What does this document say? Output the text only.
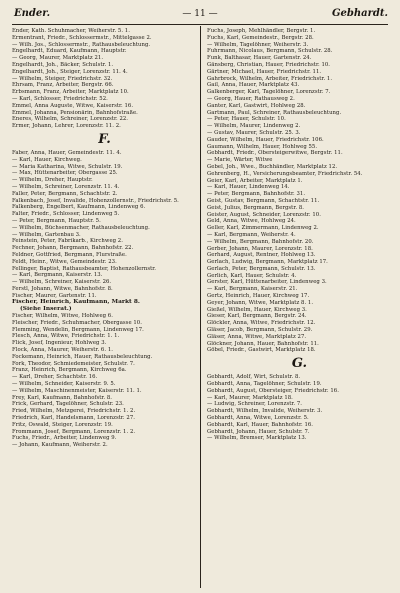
Ender.	— 11 —	Gebhardt.
Ender, Kath. Schuhmacher, Weiherstr. 5. 1.
Ermentrant, Friedr., Schlossermstr., Mittelgasse 2.
— Wilh. Jos., Schlossermstr., Rathausbeleuchtung.
Engelhardt, Eduard, Kaufmann, Hauptstr.
— Georg, Maurer, Marktplatz 21.
Engelhardt, Joh., Bäcker, Schulstr. 1.
Engelhardt, Joh., Steiger, Lorenzstr. 11. 4.
— Wilhelm, Steiger, Friedrichstr. 32.
Ehrsam, Franz, Arbeiter, Bergstr. 66.
Erbsmann, Franz, Arbeiter, Marktplatz 10.
— Karl, Schlosser, Friedrichstr. 52.
Emmel, Anna Auguste, Witwe, Kaiserstr. 16.
Emmel, Johanna, Pensionärin, Bahnhofstraße.
Eneres, Wilhelm, Schreiner, Lorenzstr. 22.
Ermer, Johann, Lehrer, Lorenzstr. 11. 2.
F.
Faber, Anna, Hauer, Gemeindestr. 11. 4.
— Karl, Hauer, Kirchweg.
— Maria Katharina, Witwe, Schulstr. 19.
— Max, Hüttenarbeiter, Obergasse 25.
— Wilhelm, Dreher, Hauptstr.
— Wilhelm, Schreiner, Lorenzstr. 11. 4.
Faller, Peter, Bergmann, Schachtstr. 2.
Falkenbach, Josef, Invalide, Hohenzollernstr., Friedrichstr. 5.
Falkenberg, Engelbert, Kaufmann, Lindenweg 6.
Falter, Friedr., Schlosser, Lindenweg 5.
— Peter, Bergmann, Hauptstr. 5.
— Wilhelm, Büchsenmacher, Rathausbeleuchtung.
— Wilhelm, Gartenbau 3.
Feinstein, Peter, Fabrikarb., Kirchweg 2.
Fechner, Johann, Bergmann, Bahnhofstr. 22.
Feldner, Gottfried, Bergmann, Flurstraße.
Feldt, Heinr., Witwe, Gemeindestr. 23.
Fellinger, Baptist, Rathausbeamter, Hohenzollernstr.
— Karl, Bergmann, Kaiserstr. 13.
— Wilhelm, Schreiner, Kaiserstr. 26.
Ferstl, Johann, Witwe, Bahnhofstr. 8.
Fischer, Maurer, Gartenstr. 11.
Fischer, Heinrich, Kaufmann, Markt 8.
(Siehe Inserat.)
Fischer, Wilhelm, Witwe, Hohlweg 6.
Fleischer, Friedr., Schuhmacher, Obergasse 10.
Flemming, Wendelin, Bergmann, Lindenweg 17.
Flesch, Anna, Witwe, Friedrichstr. 1. 1.
Flick, Josef, Ingenieur, Hohlweg 3.
Flock, Anna, Maurer, Weiherstr. 6. 1.
Fockemann, Heinrich, Hauer, Rathausbeleuchtung.
Fork, Theodor, Schmiedemeister, Schulstr. 7.
Franz, Heinrich, Bergmann, Kirchweg 6a.
— Karl, Dreher, Schachtstr. 16.
— Wilhelm, Schneider, Kaiserstr. 9. 5.
— Wilhelm, Maschinenmeister, Kaiserstr. 11. 1.
Frey, Karl, Kaufmann, Bahnhofstr. 8.
Frick, Gerhard, Tagelöhner, Schulstr. 23.
Fried, Wilhelm, Metzgerei, Friedrichstr. 1. 2.
Friedrich, Karl, Handelsmann, Lorenzstr. 27.
Fritz, Oswald, Steiger, Lorenzstr. 19.
Frommann, Josef, Bergmann, Lorenzstr. 1. 2.
Fuchs, Friedr., Arbeiter, Lindenweg 9.
— Johann, Kaufmann, Weiherstr. 2.
Fuchs, Joseph, Mehlhändler, Bergstr. 1.
Fuchs, Karl, Gemeindestr., Bergstr. 28.
— Wilhelm, Tagelöhner, Weiherstr. 3.
Fuhrmann, Nicolaus, Bergmann, Schulstr. 28.
Funk, Balthasar, Hauer, Gartenstr. 24.
Gänsberg, Christian, Hauer, Friedrichstr. 10.
Gärtner, Michael, Hauer, Friedrichstr. 11.
Gahrbrock, Wilhelm, Arbeiter, Friedrichstr. 1.
Gail, Anna, Hauer, Marktplatz 43.
Galkenberger, Karl, Tagelöhner, Lorenzstr. 7.
— Georg, Hauer, Rathausweg 2.
Ganter, Karl, Gastwirt, Hohlweg 28.
Gartmann, Paul, Schreiner, Rathausbeleuchtung.
— Peter, Hauer, Schulstr. 10.
— Wilhelm, Maurer, Lindenweg 2.
— Gustav, Maurer, Schulstr. 25. 3.
Gauder, Wilhelm, Hauer, Friedrichstr. 106.
Gaumann, Wilhelm, Hauer, Hohlweg 55.
Gebhardt, Friedr., Obersteigerwitwe, Bergstr. 11.
— Marie, Wärter, Witwe
Gebel, Joh., Wwe., Buchhändler, Marktplatz 12.
Gehrenberg, H., Versicherungsbeamter, Friedrichstr. 54.
Geier, Karl, Arbeiter, Marktplatz 1.
— Karl, Hauer, Lindenweg 14.
— Peter, Bergmann, Bahnhofstr. 31.
Geist, Gustav, Bergmann, Schachtstr. 11.
Geist, Julius, Bergmann, Bergstr. 8.
Geister, August, Schneider, Lorenzstr. 10.
Geld, Anna, Witwe, Hohlweg 24.
Geller, Karl, Zimmermann, Lindenweg 2.
— Karl, Bergmann, Weiherstr. 4.
— Wilhelm, Bergmann, Bahnhofstr. 20.
Gerber, Johann, Maurer, Lorenzstr. 18.
Gerhard, August, Rentner, Hohlweg 13.
Gerlach, Ludwig, Bergmann, Marktplatz 17.
Gerlach, Peter, Bergmann, Schulstr. 13.
Gerlich, Karl, Hauer, Schulstr. 4.
Gerster, Karl, Hüttenarbeiter, Lindenweg 3.
— Karl, Bergmann, Kaiserstr. 21.
Gertz, Heinrich, Hauer, Kirchweg 17.
Geyer, Johann, Witwe, Marktplatz 8. 1.
Gießel, Wilhelm, Hauer, Kirchweg 3.
Gieser, Karl, Bergmann, Bergstr. 24.
Glöckler, Anna, Witwe, Friedrichstr. 12.
Gläser, Jacob, Bergmann, Schulstr. 29.
Gläser, Anna, Witwe, Marktplatz 27.
Glöckner, Johann, Hauer, Bahnhofstr. 11.
Göbel, Friedr., Gastwirt, Marktplatz 18.
G.
Gebhardt, Adolf, Wirt, Schulstr. 8.
Gebhardt, Anna, Tagelöhner, Schulstr. 19.
Gebhardt, August, Obersteiger, Friedrichstr. 16.
— Karl, Maurer, Marktplatz 18.
— Ludwig, Schreiner, Lorenzstr. 7.
Gebhardt, Wilhelm, Invalide, Weiherstr. 3.
Gebhardt, Anna, Witwe, Lorenzstr. 5.
Gebhardt, Karl, Hauer, Bahnhofstr. 16.
Gebhardt, Johann, Hauer, Schulstr. 7.
— Wilhelm, Bremser, Marktplatz 13.
